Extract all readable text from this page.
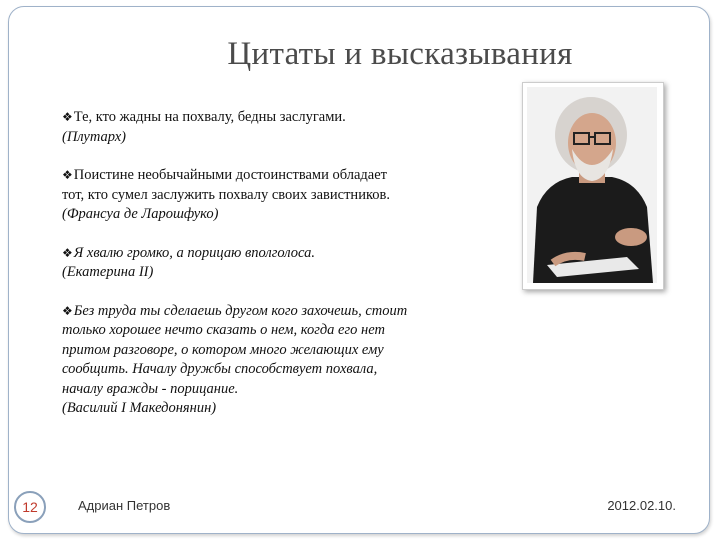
Цитаты и высказывания
❖Те, кто жадны на похвалу, бедны заслугами.

(Плутарх)
❖Поистине необычайными достоинствами обладает
тот, кто сумел заслужить похвалу своих завистников.

(Франсуа де Ларошфуко)
❖Я хвалю громко, а порицаю вполголоса.

(Екатерина II)
❖Без труда ты сделаешь другом кого захочешь, стоит
только хорошее нечто сказать о нем, когда его нет
притом разговоре, о котором много желающих ему
сообщить. Началу дружбы способствует похвала,
началу вражды - порицание.

(Василий I Македонянин)
12	Адриан Петров	2012.02.10.
